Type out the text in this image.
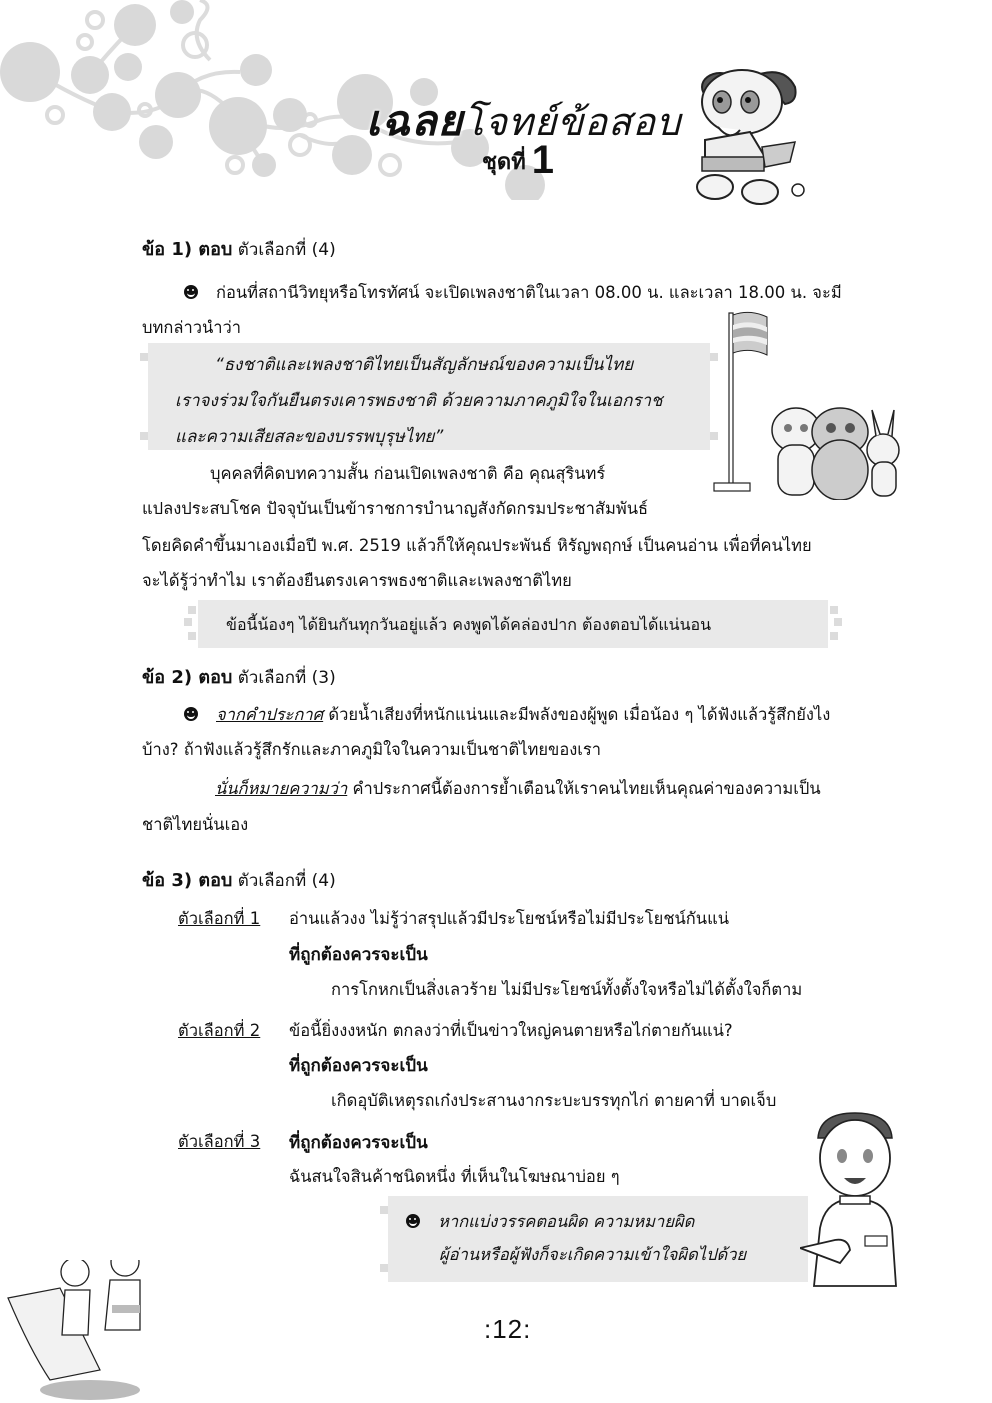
เฉลยโจทย์ข้อสอบ
ชุดที่ 1
ข้อ 1) ตอบ ตัวเลือกที่ (4)
ก่อนที่สถานีวิทยุหรือโทรทัศน์ จะเปิดเพลงชาติในเวลา 08.00 น. และเวลา 18.00 น. จะมี
บทกล่าวนำว่า
“ธงชาติและเพลงชาติไทยเป็นสัญลักษณ์ของความเป็นไทย
เราจงร่วมใจกันยืนตรงเคารพธงชาติ ด้วยความภาคภูมิใจในเอกราช
และความเสียสละของบรรพบุรุษไทย”
บุคคลที่คิดบทความสั้น ก่อนเปิดเพลงชาติ คือ คุณสุรินทร์
แปลงประสบโชค ปัจจุบันเป็นข้าราชการบำนาญสังกัดกรมประชาสัมพันธ์
โดยคิดคำขึ้นมาเองเมื่อปี พ.ศ. 2519 แล้วก็ให้คุณประพันธ์ หิรัญพฤกษ์ เป็นคนอ่าน เพื่อที่คนไทย
จะได้รู้ว่าทำไม เราต้องยืนตรงเคารพธงชาติและเพลงชาติไทย
ข้อนี้น้องๆ ได้ยินกันทุกวันอยู่แล้ว คงพูดได้คล่องปาก ต้องตอบได้แน่นอน
ข้อ 2) ตอบ ตัวเลือกที่ (3)
จากคำประกาศ ด้วยน้ำเสียงที่หนักแน่นและมีพลังของผู้พูด เมื่อน้อง ๆ ได้ฟังแล้วรู้สึกยังไง
บ้าง? ถ้าฟังแล้วรู้สึกรักและภาคภูมิใจในความเป็นชาติไทยของเรา
นั่นก็หมายความว่า คำประกาศนี้ต้องการย้ำเตือนให้เราคนไทยเห็นคุณค่าของความเป็น
ชาติไทยนั่นเอง
ข้อ 3) ตอบ ตัวเลือกที่ (4)
ตัวเลือกที่ 1 อ่านแล้วงง ไม่รู้ว่าสรุปแล้วมีประโยชน์หรือไม่มีประโยชน์กันแน่
ที่ถูกต้องควรจะเป็น
การโกหกเป็นสิ่งเลวร้าย ไม่มีประโยชน์ทั้งตั้งใจหรือไม่ได้ตั้งใจก็ตาม
ตัวเลือกที่ 2 ข้อนี้ยิ่งงงหนัก ตกลงว่าที่เป็นข่าวใหญ่คนตายหรือไก่ตายกันแน่?
ที่ถูกต้องควรจะเป็น
เกิดอุบัติเหตุรถเก๋งประสานงากระบะบรรทุกไก่ ตายคาที่ บาดเจ็บ
ตัวเลือกที่ 3 ที่ถูกต้องควรจะเป็น
ฉันสนใจสินค้าชนิดหนึ่ง ที่เห็นในโฆษณาบ่อย ๆ
หากแบ่งวรรคตอนผิด ความหมายผิด
ผู้อ่านหรือผู้ฟังก็จะเกิดความเข้าใจผิดไปด้วย
:12:
